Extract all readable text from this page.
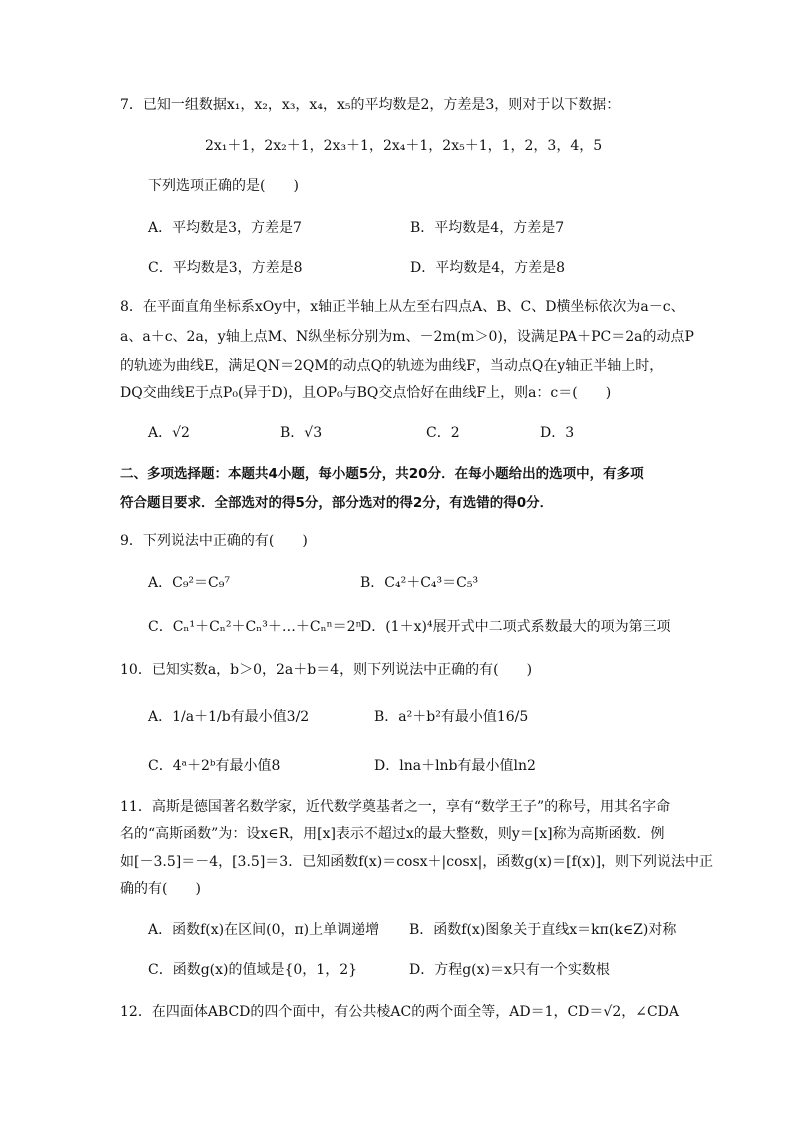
7．已知一组数据x₁，x₂，x₃，x₄，x₅的平均数是2，方差是3，则对于以下数据：
2x₁＋1，2x₂＋1，2x₃＋1，2x₄＋1，2x₅＋1，1，2，3，4，5
下列选项正确的是(　　)
A．平均数是3，方差是7	B．平均数是4，方差是7
C．平均数是3，方差是8	D．平均数是4，方差是8
8．在平面直角坐标系xOy中，x轴正半轴上从左至右四点A、B、C、D横坐标依次为a－c、
a、a＋c、2a，y轴上点M、N纵坐标分别为m、－2m(m＞0)，设满足PA＋PC＝2a的动点P
的轨迹为曲线E，满足QN＝2QM的动点Q的轨迹为曲线F，当动点Q在y轴正半轴上时，
DQ交曲线E于点P₀(异于D)，且OP₀与BQ交点恰好在曲线F上，则a：c＝(　　)
A．√2	B．√3	C．2	D．3
二、多项选择题：本题共4小题，每小题5分，共20分．在每小题给出的选项中，有多项
符合题目要求．全部选对的得5分，部分选对的得2分，有选错的得0分．
9．下列说法中正确的有(　　)
A．C₉²＝C₉⁷	B．C₄²＋C₄³＝C₅³
C．Cₙ¹＋Cₙ²＋Cₙ³＋…＋Cₙⁿ＝2ⁿ
D．(1＋x)⁴展开式中二项式系数最大的项为第三项
10．已知实数a，b＞0，2a＋b＝4，则下列说法中正确的有(　　)
A．1/a＋1/b有最小值3/2	B．a²＋b²有最小值16/5
C．4ᵃ＋2ᵇ有最小值8	D．lna＋lnb有最小值ln2
11．高斯是德国著名数学家，近代数学奠基者之一，享有“数学王子”的称号，用其名字命
名的“高斯函数”为：设x∈R，用[x]表示不超过x的最大整数，则y＝[x]称为高斯函数．例
如[－3.5]＝－4，[3.5]＝3．已知函数f(x)＝cosx＋|cosx|，函数g(x)＝[f(x)]，则下列说法中正
确的有(　　)
A．函数f(x)在区间(0，π)上单调递增 B．函数f(x)图象关于直线x＝kπ(k∈Z)对称
C．函数g(x)的值域是{0，1，2}	D．方程g(x)＝x只有一个实数根
12．在四面体ABCD的四个面中，有公共棱AC的两个面全等，AD＝1，CD＝√2，∠CDA
